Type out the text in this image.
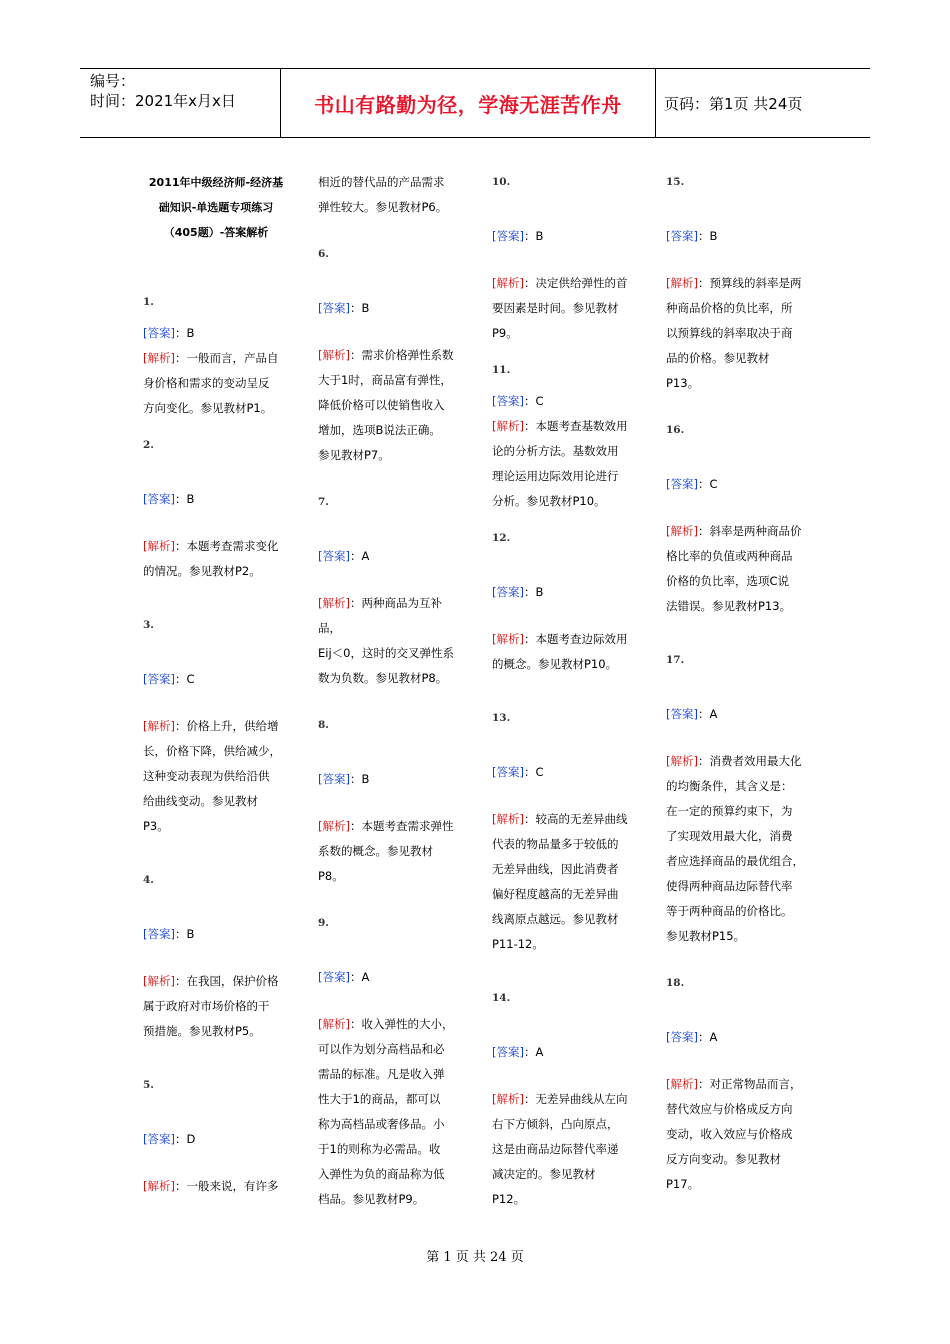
编号：
时间：2021年x月x日	书山有路勤为径，学海无涯苦作舟	页码：第1页 共24页

2011年中级经济师-经济基

础知识-单选题专项练习

（405题）-答案解析

1.

[答案]：B

[解析]：一般而言，产品自

身价格和需求的变动呈反

方向变化。参见教材P1。

2.

[答案]：B

[解析]：本题考查需求变化

的情况。参见教材P2。

3.

[答案]：C

[解析]：价格上升，供给增

长，价格下降，供给减少，

这种变动表现为供给沿供

给曲线变动。参见教材

P3。

4.

[答案]：B

[解析]：在我国，保护价格

属于政府对市场价格的干

预措施。参见教材P5。

5.

[答案]：D

[解析]：一般来说，有许多

相近的替代品的产品需求

弹性较大。参见教材P6。

6.

[答案]：B

[解析]：需求价格弹性系数

大于1时，商品富有弹性，

降低价格可以使销售收入

增加，选项B说法正确。

参见教材P7。

7.

[答案]：A

[解析]：两种商品为互补品，

Eij＜0，这时的交叉弹性系

数为负数。参见教材P8。

8.

[答案]：B

[解析]：本题考查需求弹性

系数的概念。参见教材

P8。

9.

[答案]：A

[解析]：收入弹性的大小，

可以作为划分高档品和必

需品的标准。凡是收入弹

性大于1的商品，都可以

称为高档品或奢侈品。小

于1的则称为必需品。收

入弹性为负的商品称为低

档品。参见教材P9。

10.

[答案]：B

[解析]：决定供给弹性的首

要因素是时间。参见教材

P9。

11.

[答案]：C

[解析]：本题考查基数效用

论的分析方法。基数效用

理论运用边际效用论进行

分析。参见教材P10。

12.

[答案]：B

[解析]：本题考查边际效用

的概念。参见教材P10。

13.

[答案]：C

[解析]：较高的无差异曲线

代表的物品量多于较低的

无差异曲线，因此消费者

偏好程度越高的无差异曲

线离原点越远。参见教材

P11-12。

14.

[答案]：A

[解析]：无差异曲线从左向

右下方倾斜，凸向原点，

这是由商品边际替代率递

减决定的。参见教材

P12。

15.

[答案]：B

[解析]：预算线的斜率是两

种商品价格的负比率，所

以预算线的斜率取决于商

品的价格。参见教材

P13。

16.

[答案]：C

[解析]：斜率是两种商品价

格比率的负值或两种商品

价格的负比率，选项C说

法错误。参见教材P13。

17.

[答案]：A

[解析]：消费者效用最大化

的均衡条件，其含义是：

在一定的预算约束下，为

了实现效用最大化，消费

者应选择商品的最优组合，

使得两种商品边际替代率

等于两种商品的价格比。

参见教材P15。

18.

[答案]：A

[解析]：对正常物品而言，

替代效应与价格成反方向

变动，收入效应与价格成

反方向变动。参见教材

P17。

第 1 页 共 24 页
